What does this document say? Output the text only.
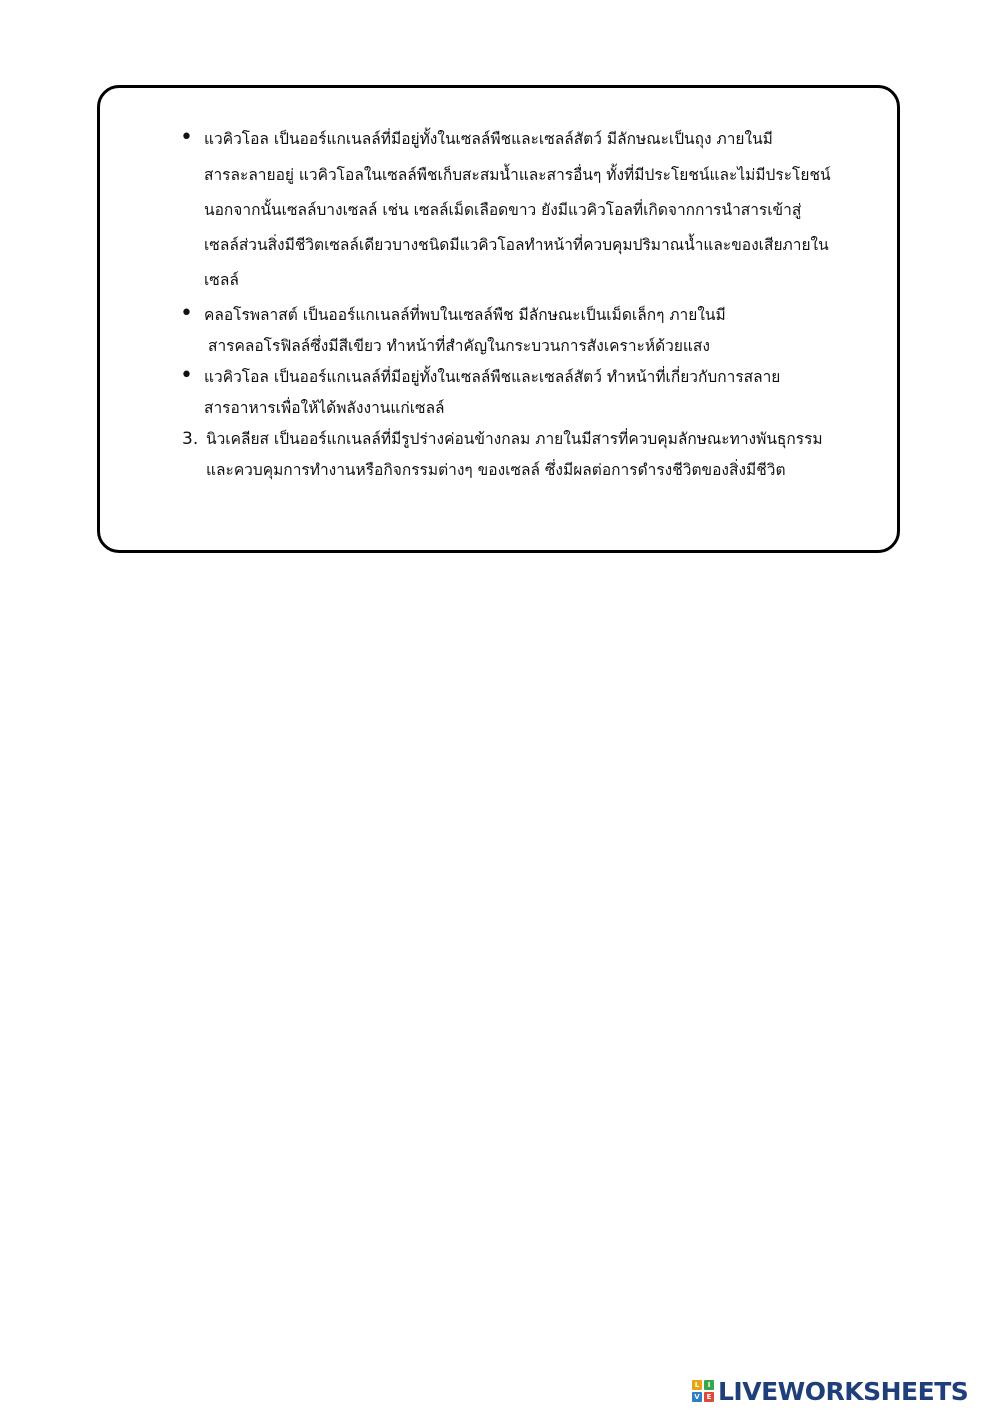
• แวคิวโอล เป็นออร์แกเนลล์ที่มีอยู่ทั้งในเซลล์พืชและเซลล์สัตว์ มีลักษณะเป็นถุง ภายในมี
สารละลายอยู่ แวคิวโอลในเซลล์พืชเก็บสะสมน้ำและสารอื่นๆ ทั้งที่มีประโยชน์และไม่มีประโยชน์
นอกจากนั้นเซลล์บางเซลล์ เช่น เซลล์เม็ดเลือดขาว ยังมีแวคิวโอลที่เกิดจากการนำสารเข้าสู่
เซลล์ส่วนสิ่งมีชีวิตเซลล์เดียวบางชนิดมีแวคิวโอลทำหน้าที่ควบคุมปริมาณน้ำและของเสียภายใน
เซลล์
• คลอโรพลาสต์ เป็นออร์แกเนลล์ที่พบในเซลล์พืช มีลักษณะเป็นเม็ดเล็กๆ ภายในมี
สารคลอโรฟิลล์ซึ่งมีสีเขียว ทำหน้าที่สำคัญในกระบวนการสังเคราะห์ด้วยแสง
• แวคิวโอล เป็นออร์แกเนลล์ที่มีอยู่ทั้งในเซลล์พืชและเซลล์สัตว์ ทำหน้าที่เกี่ยวกับการสลาย
สารอาหารเพื่อให้ได้พลังงานแก่เซลล์
3. นิวเคลียส เป็นออร์แกเนลล์ที่มีรูปร่างค่อนข้างกลม ภายในมีสารที่ควบคุมลักษณะทางพันธุกรรม
และควบคุมการทำงานหรือกิจกรรมต่างๆ ของเซลล์ ซึ่งมีผลต่อการดำรงชีวิตของสิ่งมีชีวิต
L	I
V E LIVEWORKSHEETS
